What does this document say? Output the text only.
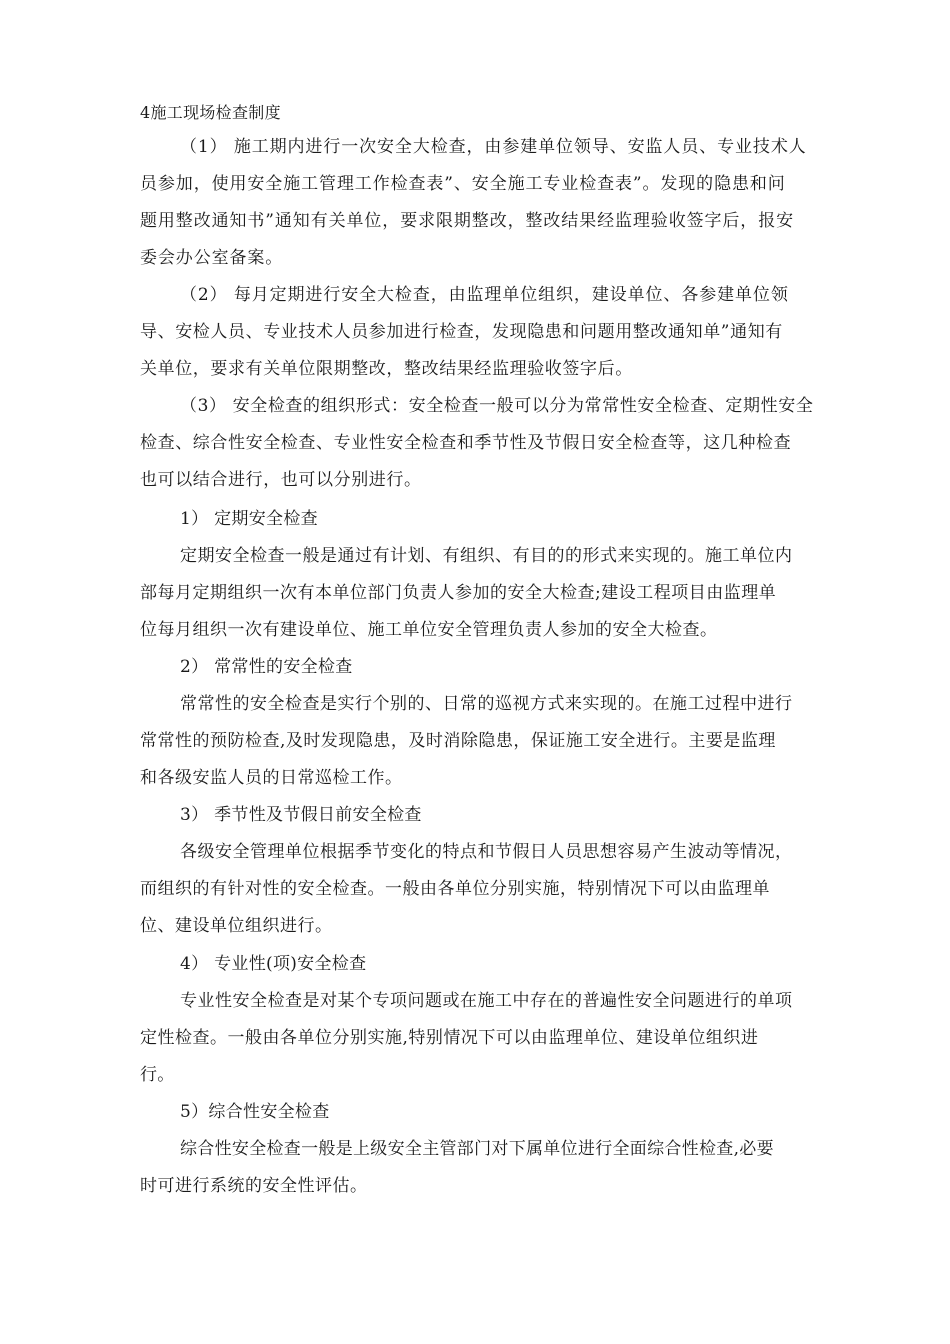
4施工现场检查制度
（1） 施工期内进行一次安全大检查，由参建单位领导、安监人员、专业技术人
员参加，使用安全施工管理工作检查表”、安全施工专业检查表”。发现的隐患和问
题用整改通知书”通知有关单位，要求限期整改，整改结果经监理验收签字后，报安
委会办公室备案。
（2） 每月定期进行安全大检查，由监理单位组织，建设单位、各参建单位领
导、安检人员、专业技术人员参加进行检查，发现隐患和问题用整改通知单”通知有
关单位，要求有关单位限期整改，整改结果经监理验收签字后。
（3） 安全检查的组织形式：安全检查一般可以分为常常性安全检查、定期性安全
检查、综合性安全检查、专业性安全检查和季节性及节假日安全检查等，这几种检查
也可以结合进行，也可以分别进行。
1） 定期安全检查
定期安全检查一般是通过有计划、有组织、有目的的形式来实现的。施工单位内
部每月定期组织一次有本单位部门负责人参加的安全大检查;建设工程项目由监理单
位每月组织一次有建设单位、施工单位安全管理负责人参加的安全大检查。
2） 常常性的安全检查
常常性的安全检查是实行个别的、日常的巡视方式来实现的。在施工过程中进行
常常性的预防检查,及时发现隐患，及时消除隐患，保证施工安全进行。主要是监理
和各级安监人员的日常巡检工作。
3） 季节性及节假日前安全检查
各级安全管理单位根据季节变化的特点和节假日人员思想容易产生波动等情况，
而组织的有针对性的安全检查。一般由各单位分别实施，特别情况下可以由监理单
位、建设单位组织进行。
4） 专业性(项)安全检查
专业性安全检查是对某个专项问题或在施工中存在的普遍性安全问题进行的单项
定性检查。一般由各单位分别实施,特别情况下可以由监理单位、建设单位组织进
行。
5）综合性安全检查
综合性安全检查一般是上级安全主管部门对下属单位进行全面综合性检查,必要
时可进行系统的安全性评估。
